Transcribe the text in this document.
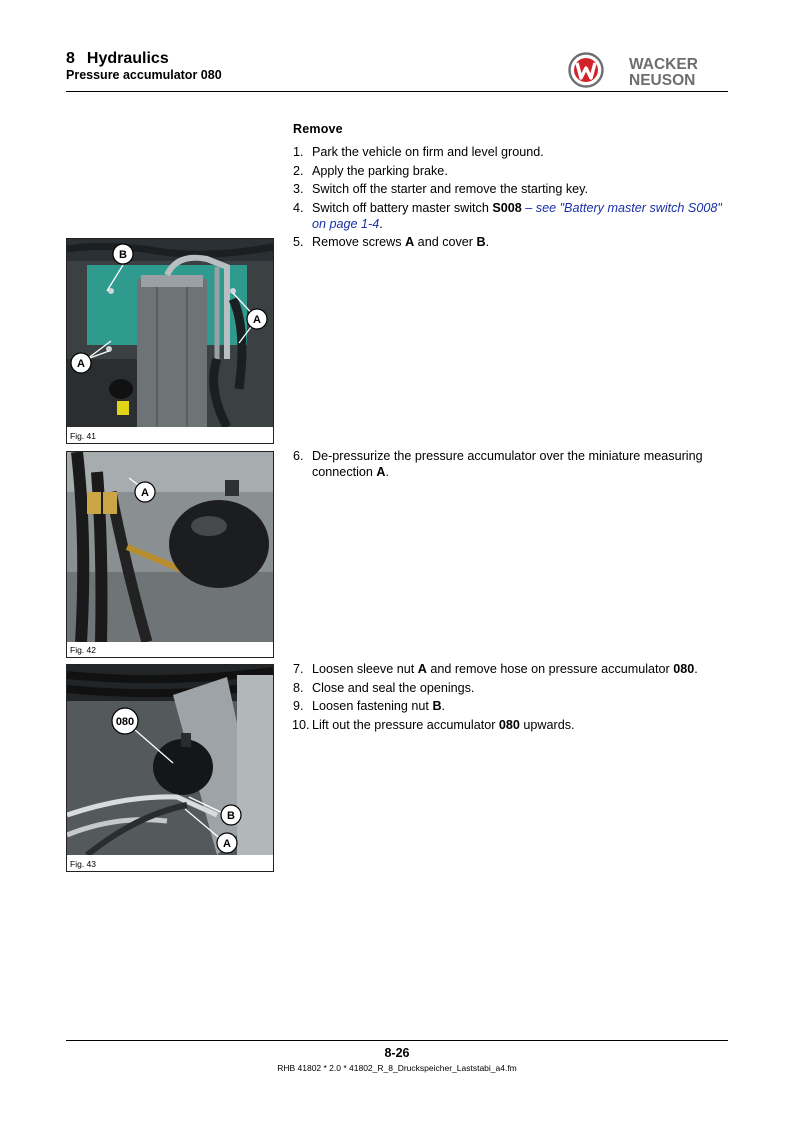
8 Hydraulics
Pressure accumulator 080
WACKER
NEUSON
Remove
1. Park the vehicle on firm and level ground.
2. Apply the parking brake.
3. Switch off the starter and remove the starting key.
4. Switch off battery master switch S008 – see "Battery master switch S008" on page 1-4.
5. Remove screws A and cover B.
6. De-pressurize the pressure accumulator over the miniature measuring connection A.
7. Loosen sleeve nut A and remove hose on pressure accumulator 080.
8. Close and seal the openings.
9. Loosen fastening nut B.
10. Lift out the pressure accumulator 080 upwards.
B
A
A
Fig. 41
A
Fig. 42
080
B
A
Fig. 43
8-26
RHB 41802 * 2.0 * 41802_R_8_Druckspeicher_Laststabi_a4.fm
